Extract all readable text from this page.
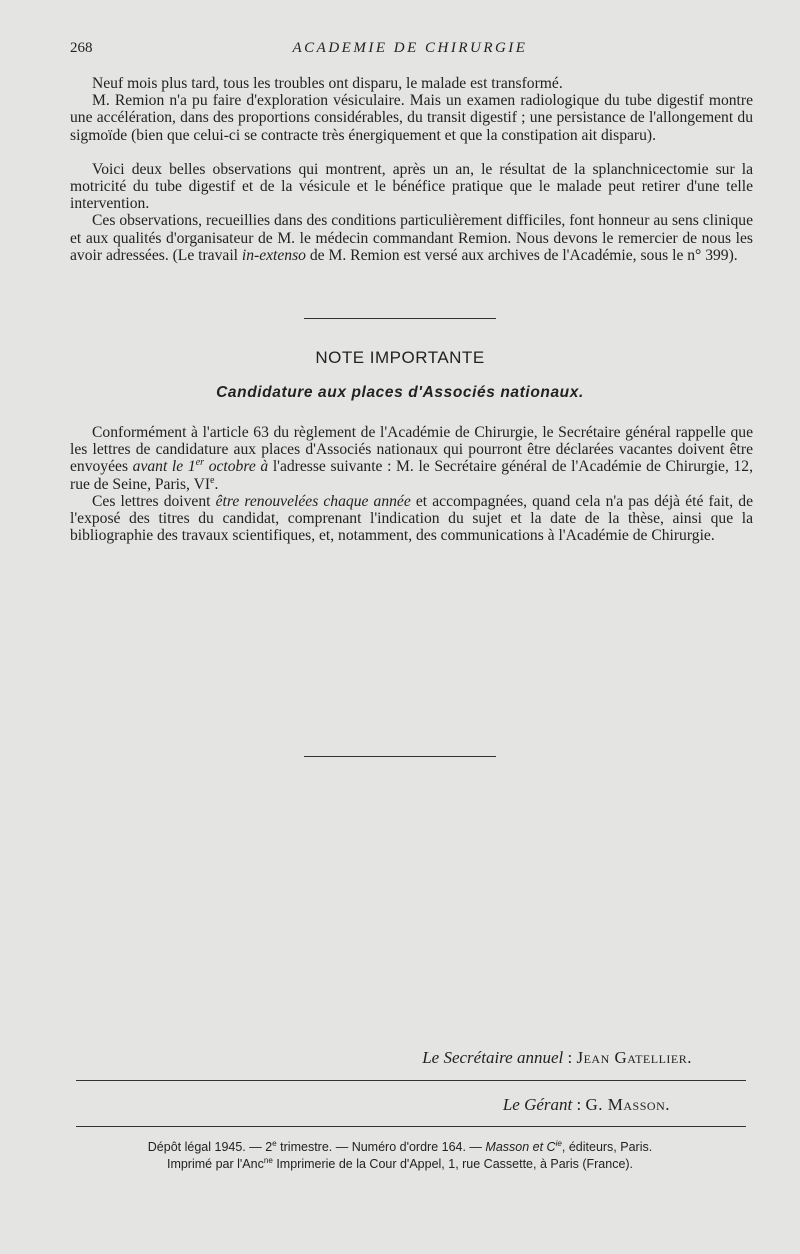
268	ACADEMIE DE CHIRURGIE

Neuf mois plus tard, tous les troubles ont disparu, le malade est transformé.

M. Remion n'a pu faire d'exploration vésiculaire. Mais un examen radiologique du tube digestif montre une accélération, dans des proportions considérables, du transit digestif ; une persistance de l'allongement du sigmoïde (bien que celui-ci se contracte très énergiquement et que la constipation ait disparu).

Voici deux belles observations qui montrent, après un an, le résultat de la splanchnicectomie sur la motricité du tube digestif et de la vésicule et le bénéfice pratique que le malade peut retirer d'une telle intervention.

Ces observations, recueillies dans des conditions particulièrement difficiles, font honneur au sens clinique et aux qualités d'organisateur de M. le médecin commandant Remion. Nous devons le remercier de nous les avoir adressées. (Le travail in-extenso de M. Remion est versé aux archives de l'Académie, sous le n° 399).

NOTE IMPORTANTE
Candidature aux places d'Associés nationaux.

Conformément à l'article 63 du règlement de l'Académie de Chirurgie, le Secrétaire général rappelle que les lettres de candidature aux places d'Associés nationaux qui pourront être déclarées vacantes doivent être envoyées avant le 1er octobre à l'adresse suivante : M. le Secrétaire général de l'Académie de Chirurgie, 12, rue de Seine, Paris, VIe.

Ces lettres doivent être renouvelées chaque année et accompagnées, quand cela n'a pas déjà été fait, de l'exposé des titres du candidat, comprenant l'indication du sujet et la date de la thèse, ainsi que la bibliographie des travaux scientifiques, et, notamment, des communications à l'Académie de Chirurgie.

Le Secrétaire annuel : Jean Gatellier.
Le Gérant : G. Masson.
Dépôt légal 1945. — 2e trimestre. — Numéro d'ordre 164. — Masson et $C^{ie}$, éditeurs, Paris.
Imprimé par l'Anc$^{ne}$ Imprimerie de la Cour d'Appel, 1, rue Cassette, à Paris (France).
